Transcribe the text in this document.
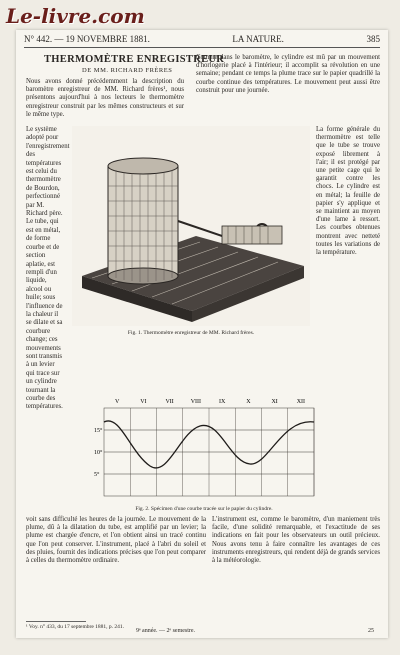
Le-livre.com
N° 442. — 19 NOVEMBRE 1881.	LA NATURE.	385
THERMOMÈTRE ENREGISTREUR
DE MM. RICHARD FRÈRES

Nous avons donné précédemment la description du baromètre enregistreur de MM. Richard frères¹, nous présentons aujourd'hui à nos lecteurs le thermomètre enregistreur construit par les mêmes constructeurs et sur le même type.

Comme dans le baromètre, le cylindre est mû par un mouvement d'horlogerie placé à l'intérieur; il accomplit sa révolution en une semaine; pendant ce temps la plume trace sur le papier quadrillé la courbe continue des températures. Le mouvement peut aussi être construit pour une journée.

Le système adopté pour l'enregistrement des températures est celui du thermomètre de Bourdon, perfectionné par M. Richard père. Le tube, qui est en métal, de forme courbe et de section aplatie, est rempli d'un liquide, alcool ou huile; sous l'influence de la chaleur il se dilate et sa courbure change; ces mouvements sont transmis à un levier qui trace sur un cylindre tournant la courbe des températures.
La forme générale du thermomètre est telle que le tube se trouve exposé librement à l'air; il est protégé par une petite cage qui le garantit contre les chocs. Le cylindre est en métal; la feuille de papier s'y applique et se maintient au moyen d'une lame à ressort. Les courbes obtenues montrent avec netteté toutes les variations de la température.
Fig. 1. Thermomètre enregistreur de MM. Richard frères.
V	VI	VII	VIII	IX	X	XI	XII
15°
10°
5°
Fig. 2. Spécimen d'une courbe tracée sur le papier du cylindre.

voit sans difficulté les heures de la journée. Le mouvement de la plume, dû à la dilatation du tube, est amplifié par un levier; la plume est chargée d'encre, et l'on obtient ainsi un tracé continu que l'on peut conserver. L'instrument, placé à l'abri du soleil et des pluies, fournit des indications précises que l'on peut comparer à celles du thermomètre ordinaire.

L'instrument est, comme le baromètre, d'un maniement très facile, d'une solidité remarquable, et l'exactitude de ses indications en fait pour les observateurs un outil précieux. Nous avons tenu à faire connaître les avantages de ces instruments enregistreurs, qui rendent déjà de grands services à la météorologie.

¹ Voy. n° 433, du 17 septembre 1881, p. 241.
9ᵉ année. — 2ᵉ semestre.	25
